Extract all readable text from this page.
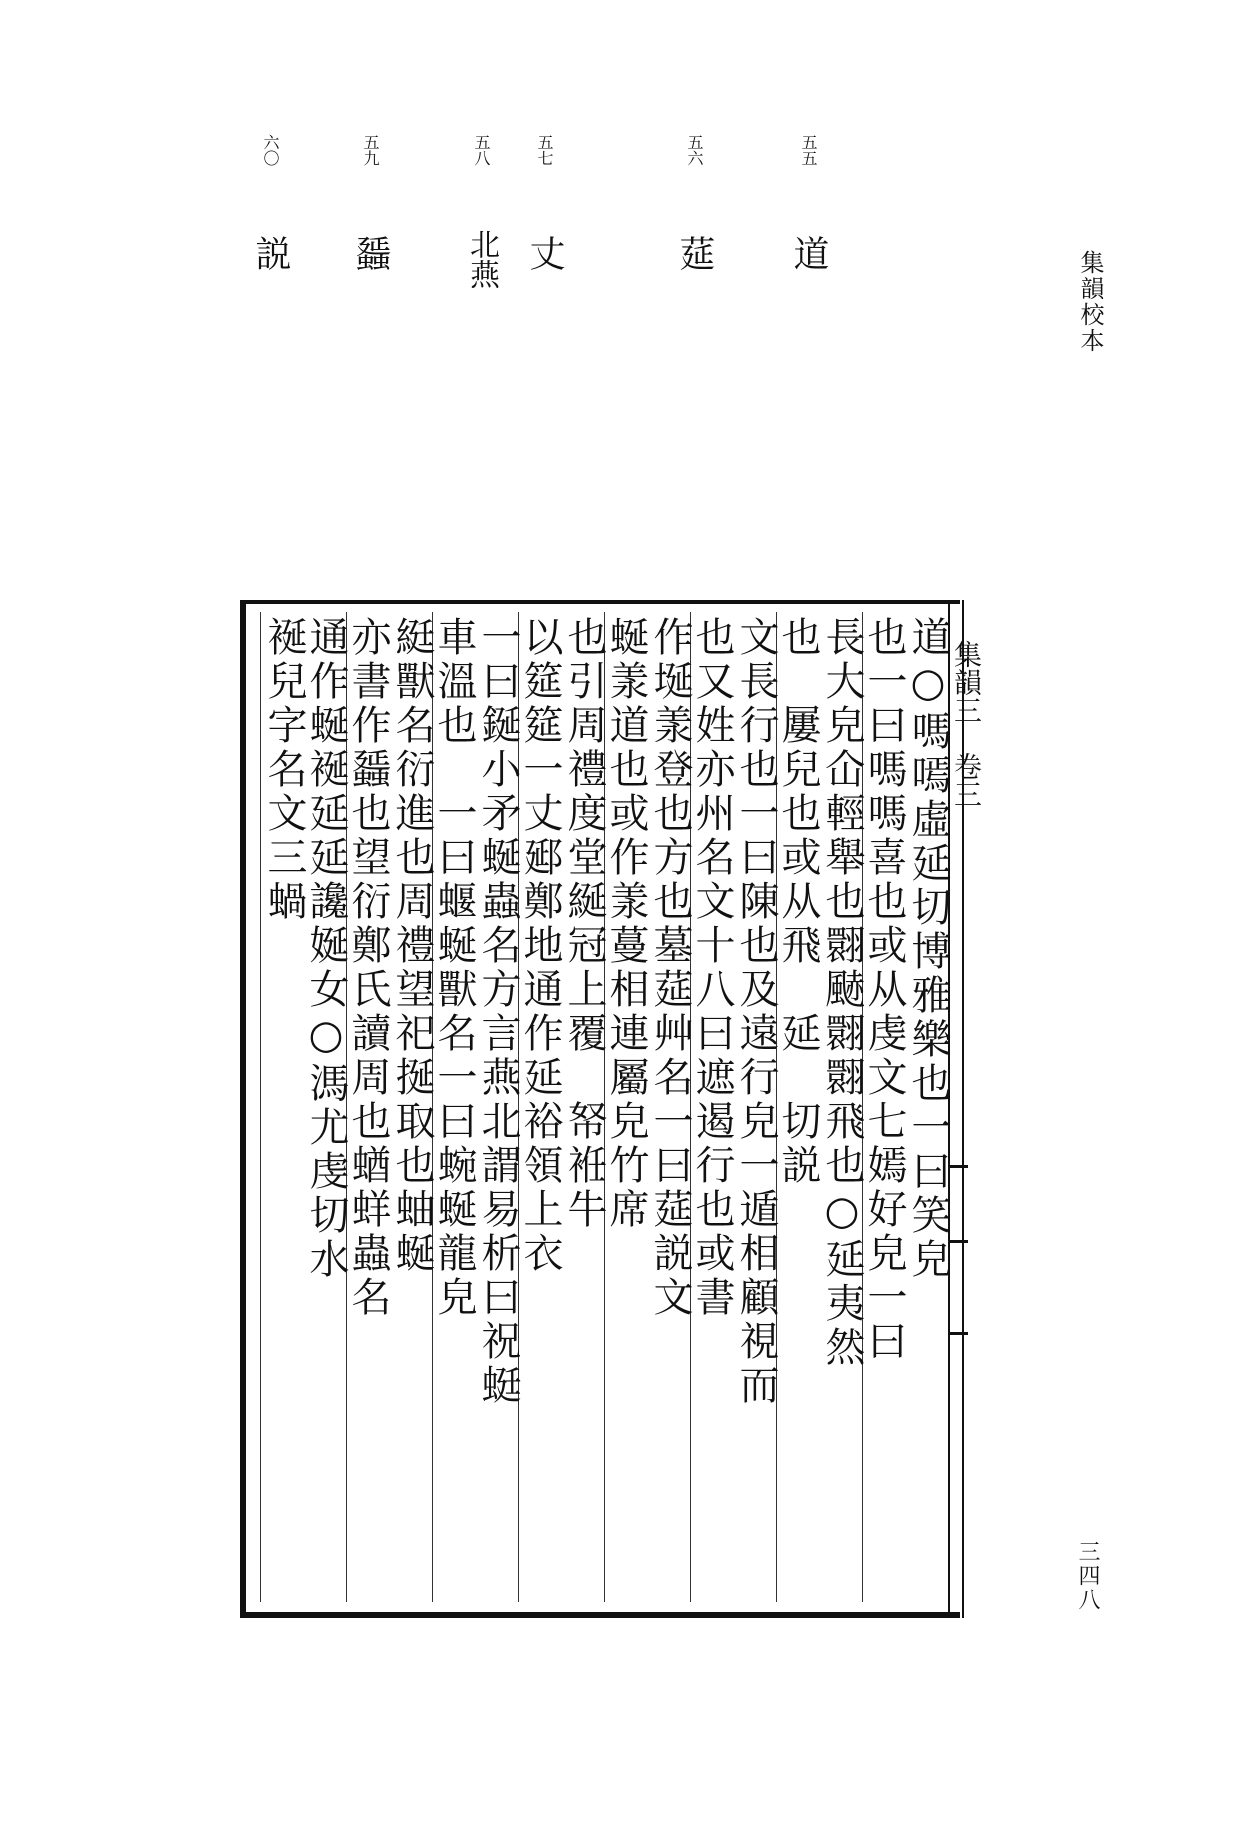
集韻校本
三四八
五五 道
五六 莚
五七 丈
五八 北燕
五九 䗺
六〇 説
集韻三　卷三
道○嗎嘕虛延切博雅樂也一曰笑皃
也一曰嗎嗎喜也或从虔文七嫣好皃一曰
長大皃仚輕舉也翾䬉翾翾飛也○延夷然
也　屢兒也或从飛　延　切説
文長行也一曰陳也及遠行皃一遁相顧視而
也又姓亦州名文十八曰遮遏行也或書
作埏羕登也方也墓莚艸名一曰莚説文
蜒羕道也或作羕蔓相連屬皃竹席
也引周禮度堂綖冠上覆　帑袵牛
以筵筵一丈郔鄭地通作延裕領上衣
一曰鋋小矛蜒蟲名方言燕北謂易析曰祝蜓
車溫也　一曰蝘蜒獸名一曰蜿蜒龍皃
綎獸名衍進也周禮望祀挻取也蚰蜒
亦書作䗺也望衍鄭氏讀周也蝤蛘蟲名
通作蜒䘰延延讒娫女○溤尤虔切水
䘰兒字名文三蝸
